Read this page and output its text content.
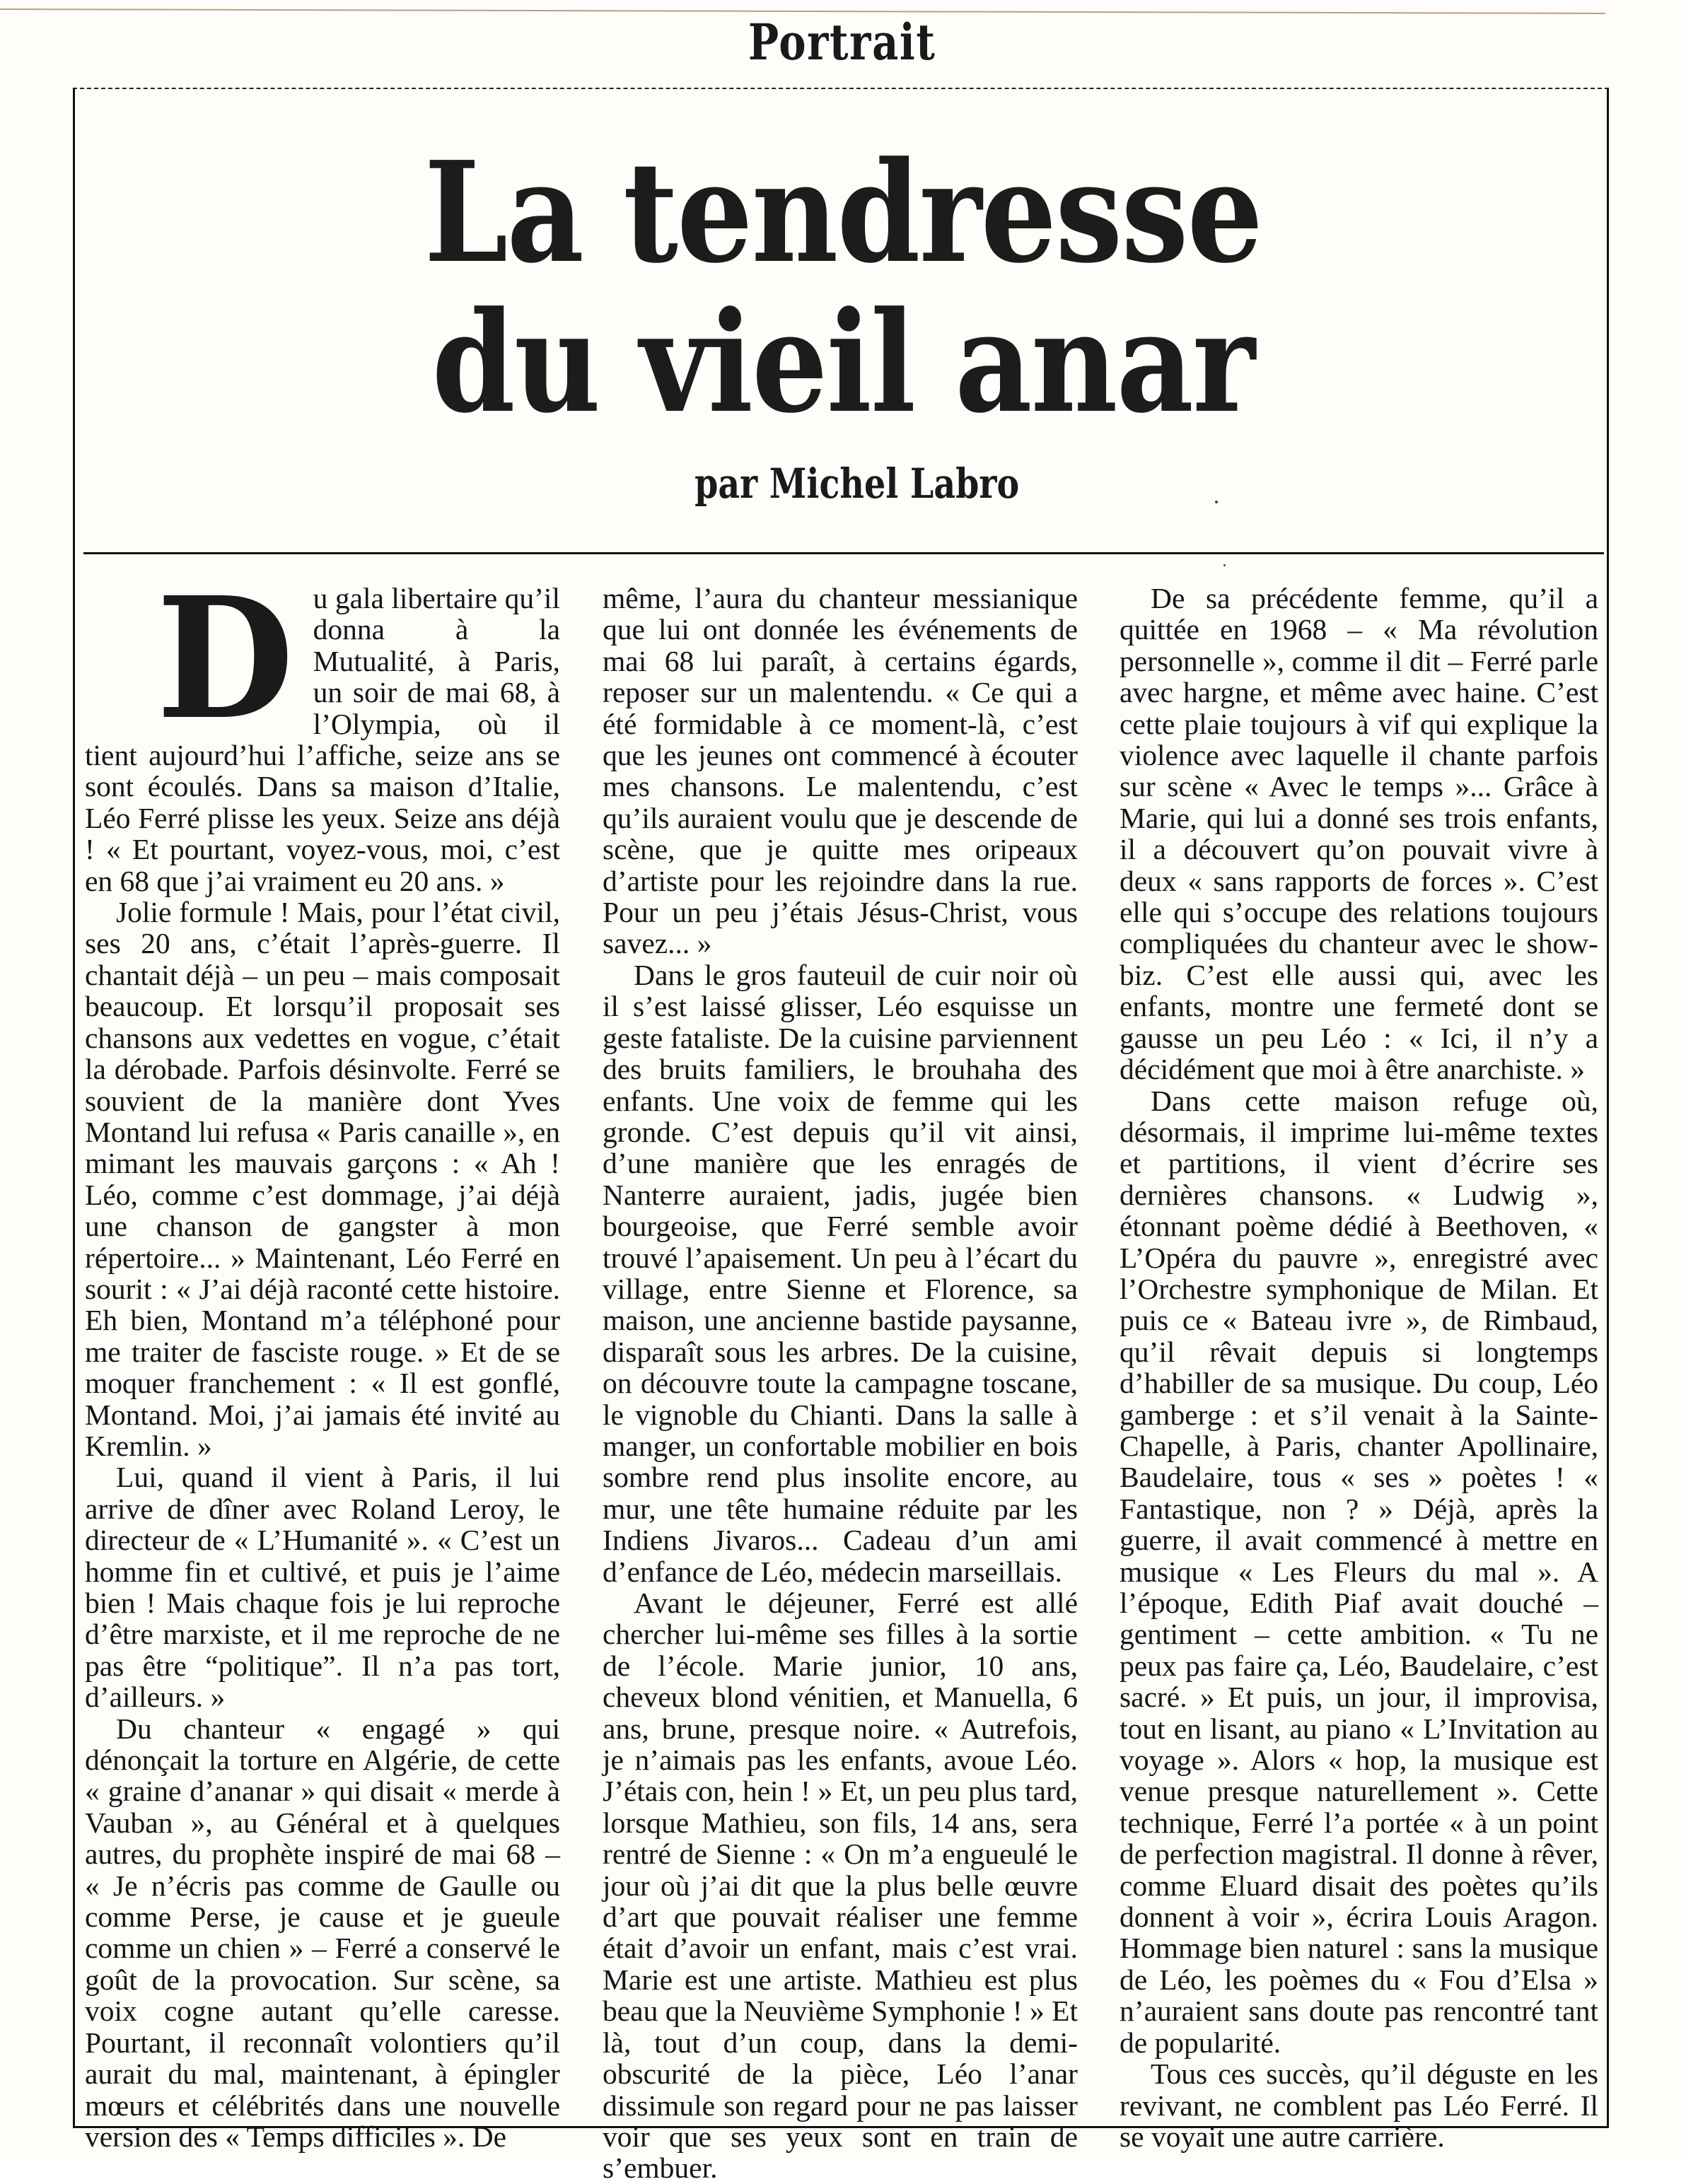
Portrait
La tendresse
du vieil anar
par Michel Labro

Du gala libertaire qu’il donna à la Mutualité, à Paris, un soir de mai 68, à l’Olympia, où il tient aujourd’hui l’affiche, seize ans se sont écoulés. Dans sa maison d’Italie, Léo Ferré plisse les yeux. Seize ans déjà ! « Et pourtant, voyez-vous, moi, c’est en 68 que j’ai vraiment eu 20 ans. »

Jolie formule ! Mais, pour l’état civil, ses 20 ans, c’était l’après-guerre. Il chantait déjà – un peu – mais composait beaucoup. Et lorsqu’il proposait ses chansons aux vedettes en vogue, c’était la dérobade. Parfois désinvolte. Ferré se souvient de la manière dont Yves Montand lui refusa « Paris canaille », en mimant les mauvais garçons : « Ah ! Léo, comme c’est dommage, j’ai déjà une chanson de gangster à mon répertoire... » Maintenant, Léo Ferré en sourit : « J’ai déjà raconté cette histoire. Eh bien, Montand m’a téléphoné pour me traiter de fasciste rouge. » Et de se moquer franchement : « Il est gonflé, Montand. Moi, j’ai jamais été invité au Kremlin. »

Lui, quand il vient à Paris, il lui arrive de dîner avec Roland Leroy, le directeur de « L’Humanité ». « C’est un homme fin et cultivé, et puis je l’aime bien ! Mais chaque fois je lui reproche d’être marxiste, et il me reproche de ne pas être “politique”. Il n’a pas tort, d’ailleurs. »

Du chanteur « engagé » qui dénonçait la torture en Algérie, de cette « graine d’ananar » qui disait « merde à Vauban », au Général et à quelques autres, du prophète inspiré de mai 68 – « Je n’écris pas comme de Gaulle ou comme Perse, je cause et je gueule comme un chien » – Ferré a conservé le goût de la provocation. Sur scène, sa voix cogne autant qu’elle caresse. Pourtant, il reconnaît volontiers qu’il aurait du mal, maintenant, à épingler mœurs et célébrités dans une nouvelle version des « Temps difficiles ». De

même, l’aura du chanteur messianique que lui ont donnée les événements de mai 68 lui paraît, à certains égards, reposer sur un malentendu. « Ce qui a été formidable à ce moment-là, c’est que les jeunes ont commencé à écouter mes chansons. Le malentendu, c’est qu’ils auraient voulu que je descende de scène, que je quitte mes oripeaux d’artiste pour les rejoindre dans la rue. Pour un peu j’étais Jésus-Christ, vous savez... »

Dans le gros fauteuil de cuir noir où il s’est laissé glisser, Léo esquisse un geste fataliste. De la cuisine parviennent des bruits familiers, le brouhaha des enfants. Une voix de femme qui les gronde. C’est depuis qu’il vit ainsi, d’une manière que les enragés de Nanterre auraient, jadis, jugée bien bourgeoise, que Ferré semble avoir trouvé l’apaisement. Un peu à l’écart du village, entre Sienne et Florence, sa maison, une ancienne bastide paysanne, disparaît sous les arbres. De la cuisine, on découvre toute la campagne toscane, le vignoble du Chianti. Dans la salle à manger, un confortable mobilier en bois sombre rend plus insolite encore, au mur, une tête humaine réduite par les Indiens Jivaros... Cadeau d’un ami d’enfance de Léo, médecin marseillais.

Avant le déjeuner, Ferré est allé chercher lui-même ses filles à la sortie de l’école. Marie junior, 10 ans, cheveux blond vénitien, et Manuella, 6 ans, brune, presque noire. « Autrefois, je n’aimais pas les enfants, avoue Léo. J’étais con, hein ! » Et, un peu plus tard, lorsque Mathieu, son fils, 14 ans, sera rentré de Sienne : « On m’a engueulé le jour où j’ai dit que la plus belle œuvre d’art que pouvait réaliser une femme était d’avoir un enfant, mais c’est vrai. Marie est une artiste. Mathieu est plus beau que la Neuvième Symphonie ! » Et là, tout d’un coup, dans la demi-obscurité de la pièce, Léo l’anar dissimule son regard pour ne pas laisser voir que ses yeux sont en train de s’embuer.

De sa précédente femme, qu’il a quittée en 1968 – « Ma révolution personnelle », comme il dit – Ferré parle avec hargne, et même avec haine. C’est cette plaie toujours à vif qui explique la violence avec laquelle il chante parfois sur scène « Avec le temps »... Grâce à Marie, qui lui a donné ses trois enfants, il a découvert qu’on pouvait vivre à deux « sans rapports de forces ». C’est elle qui s’occupe des relations toujours compliquées du chanteur avec le show-biz. C’est elle aussi qui, avec les enfants, montre une fermeté dont se gausse un peu Léo : « Ici, il n’y a décidément que moi à être anarchiste. »

Dans cette maison refuge où, désormais, il imprime lui-même textes et partitions, il vient d’écrire ses dernières chansons. « Ludwig », étonnant poème dédié à Beethoven, « L’Opéra du pauvre », enregistré avec l’Orchestre symphonique de Milan. Et puis ce « Bateau ivre », de Rimbaud, qu’il rêvait depuis si longtemps d’habiller de sa musique. Du coup, Léo gamberge : et s’il venait à la Sainte-Chapelle, à Paris, chanter Apollinaire, Baudelaire, tous « ses » poètes ! « Fantastique, non ? » Déjà, après la guerre, il avait commencé à mettre en musique « Les Fleurs du mal ». A l’époque, Edith Piaf avait douché – gentiment – cette ambition. « Tu ne peux pas faire ça, Léo, Baudelaire, c’est sacré. » Et puis, un jour, il improvisa, tout en lisant, au piano « L’Invitation au voyage ». Alors « hop, la musique est venue presque naturellement ». Cette technique, Ferré l’a portée « à un point de perfection magistral. Il donne à rêver, comme Eluard disait des poètes qu’ils donnent à voir », écrira Louis Aragon. Hommage bien naturel : sans la musique de Léo, les poèmes du « Fou d’Elsa » n’auraient sans doute pas rencontré tant de popularité.

Tous ces succès, qu’il déguste en les revivant, ne comblent pas Léo Ferré. Il se voyait une autre carrière.
